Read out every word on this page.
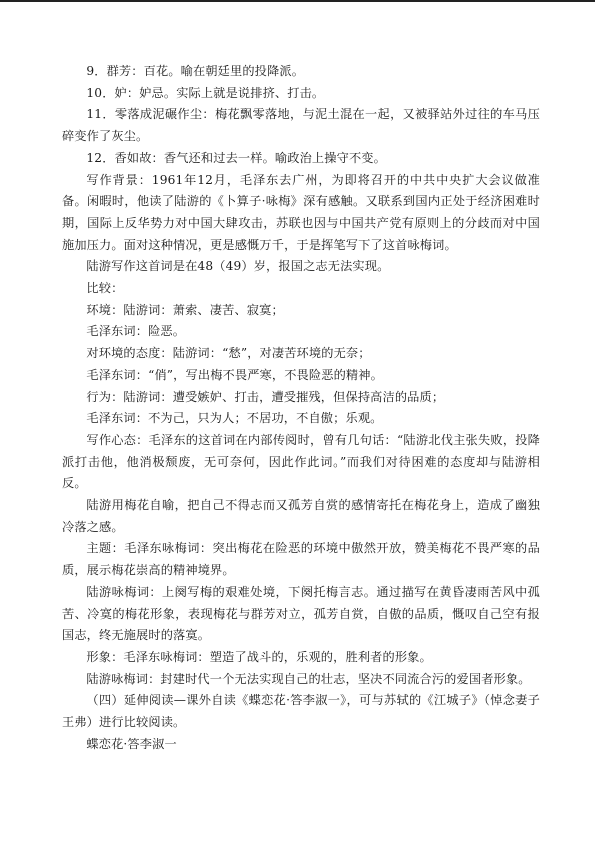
9．群芳：百花。喻在朝廷里的投降派。

10．妒：妒忌。实际上就是说排挤、打击。

11．零落成泥碾作尘：梅花飘零落地，与泥土混在一起，又被驿站外过往的车马压碎变作了灰尘。

12．香如故：香气还和过去一样。喻政治上操守不变。

写作背景：1961年12月，毛泽东去广州，为即将召开的中共中央扩大会议做准备。闲暇时，他读了陆游的《卜算子·咏梅》深有感触。又联系到国内正处于经济困难时期，国际上反华势力对中国大肆攻击，苏联也因与中国共产党有原则上的分歧而对中国施加压力。面对这种情况，更是感慨万千，于是挥笔写下了这首咏梅词。

陆游写作这首词是在48（49）岁，报国之志无法实现。

比较：

环境：陆游词：萧索、凄苦、寂寞；

毛泽东词：险恶。

对环境的态度：陆游词：“愁”，对凄苦环境的无奈；

毛泽东词：“俏”，写出梅不畏严寒，不畏险恶的精神。

行为：陆游词：遭受嫉妒、打击，遭受摧残，但保持高洁的品质；

毛泽东词：不为己，只为人；不居功，不自傲；乐观。

写作心态：毛泽东的这首词在内部传阅时，曾有几句话：“陆游北伐主张失败，投降派打击他，他消极颓废，无可奈何，因此作此词。”而我们对待困难的态度却与陆游相反。

陆游用梅花自喻，把自己不得志而又孤芳自赏的感情寄托在梅花身上，造成了幽独冷落之感。

主题：毛泽东咏梅词：突出梅花在险恶的环境中傲然开放，赞美梅花不畏严寒的品质，展示梅花崇高的精神境界。

陆游咏梅词：上阕写梅的艰难处境，下阕托梅言志。通过描写在黄昏凄雨苦风中孤苦、冷寞的梅花形象，表现梅花与群芳对立，孤芳自赏，自傲的品质，慨叹自己空有报国志，终无施展时的落寞。

形象：毛泽东咏梅词：塑造了战斗的，乐观的，胜利者的形象。

陆游咏梅词：封建时代一个无法实现自己的壮志，坚决不同流合污的爱国者形象。

（四）延伸阅读—课外自读《蝶恋花·答李淑一》，可与苏轼的《江城子》（悼念妻子王弗）进行比较阅读。

蝶恋花·答李淑一
